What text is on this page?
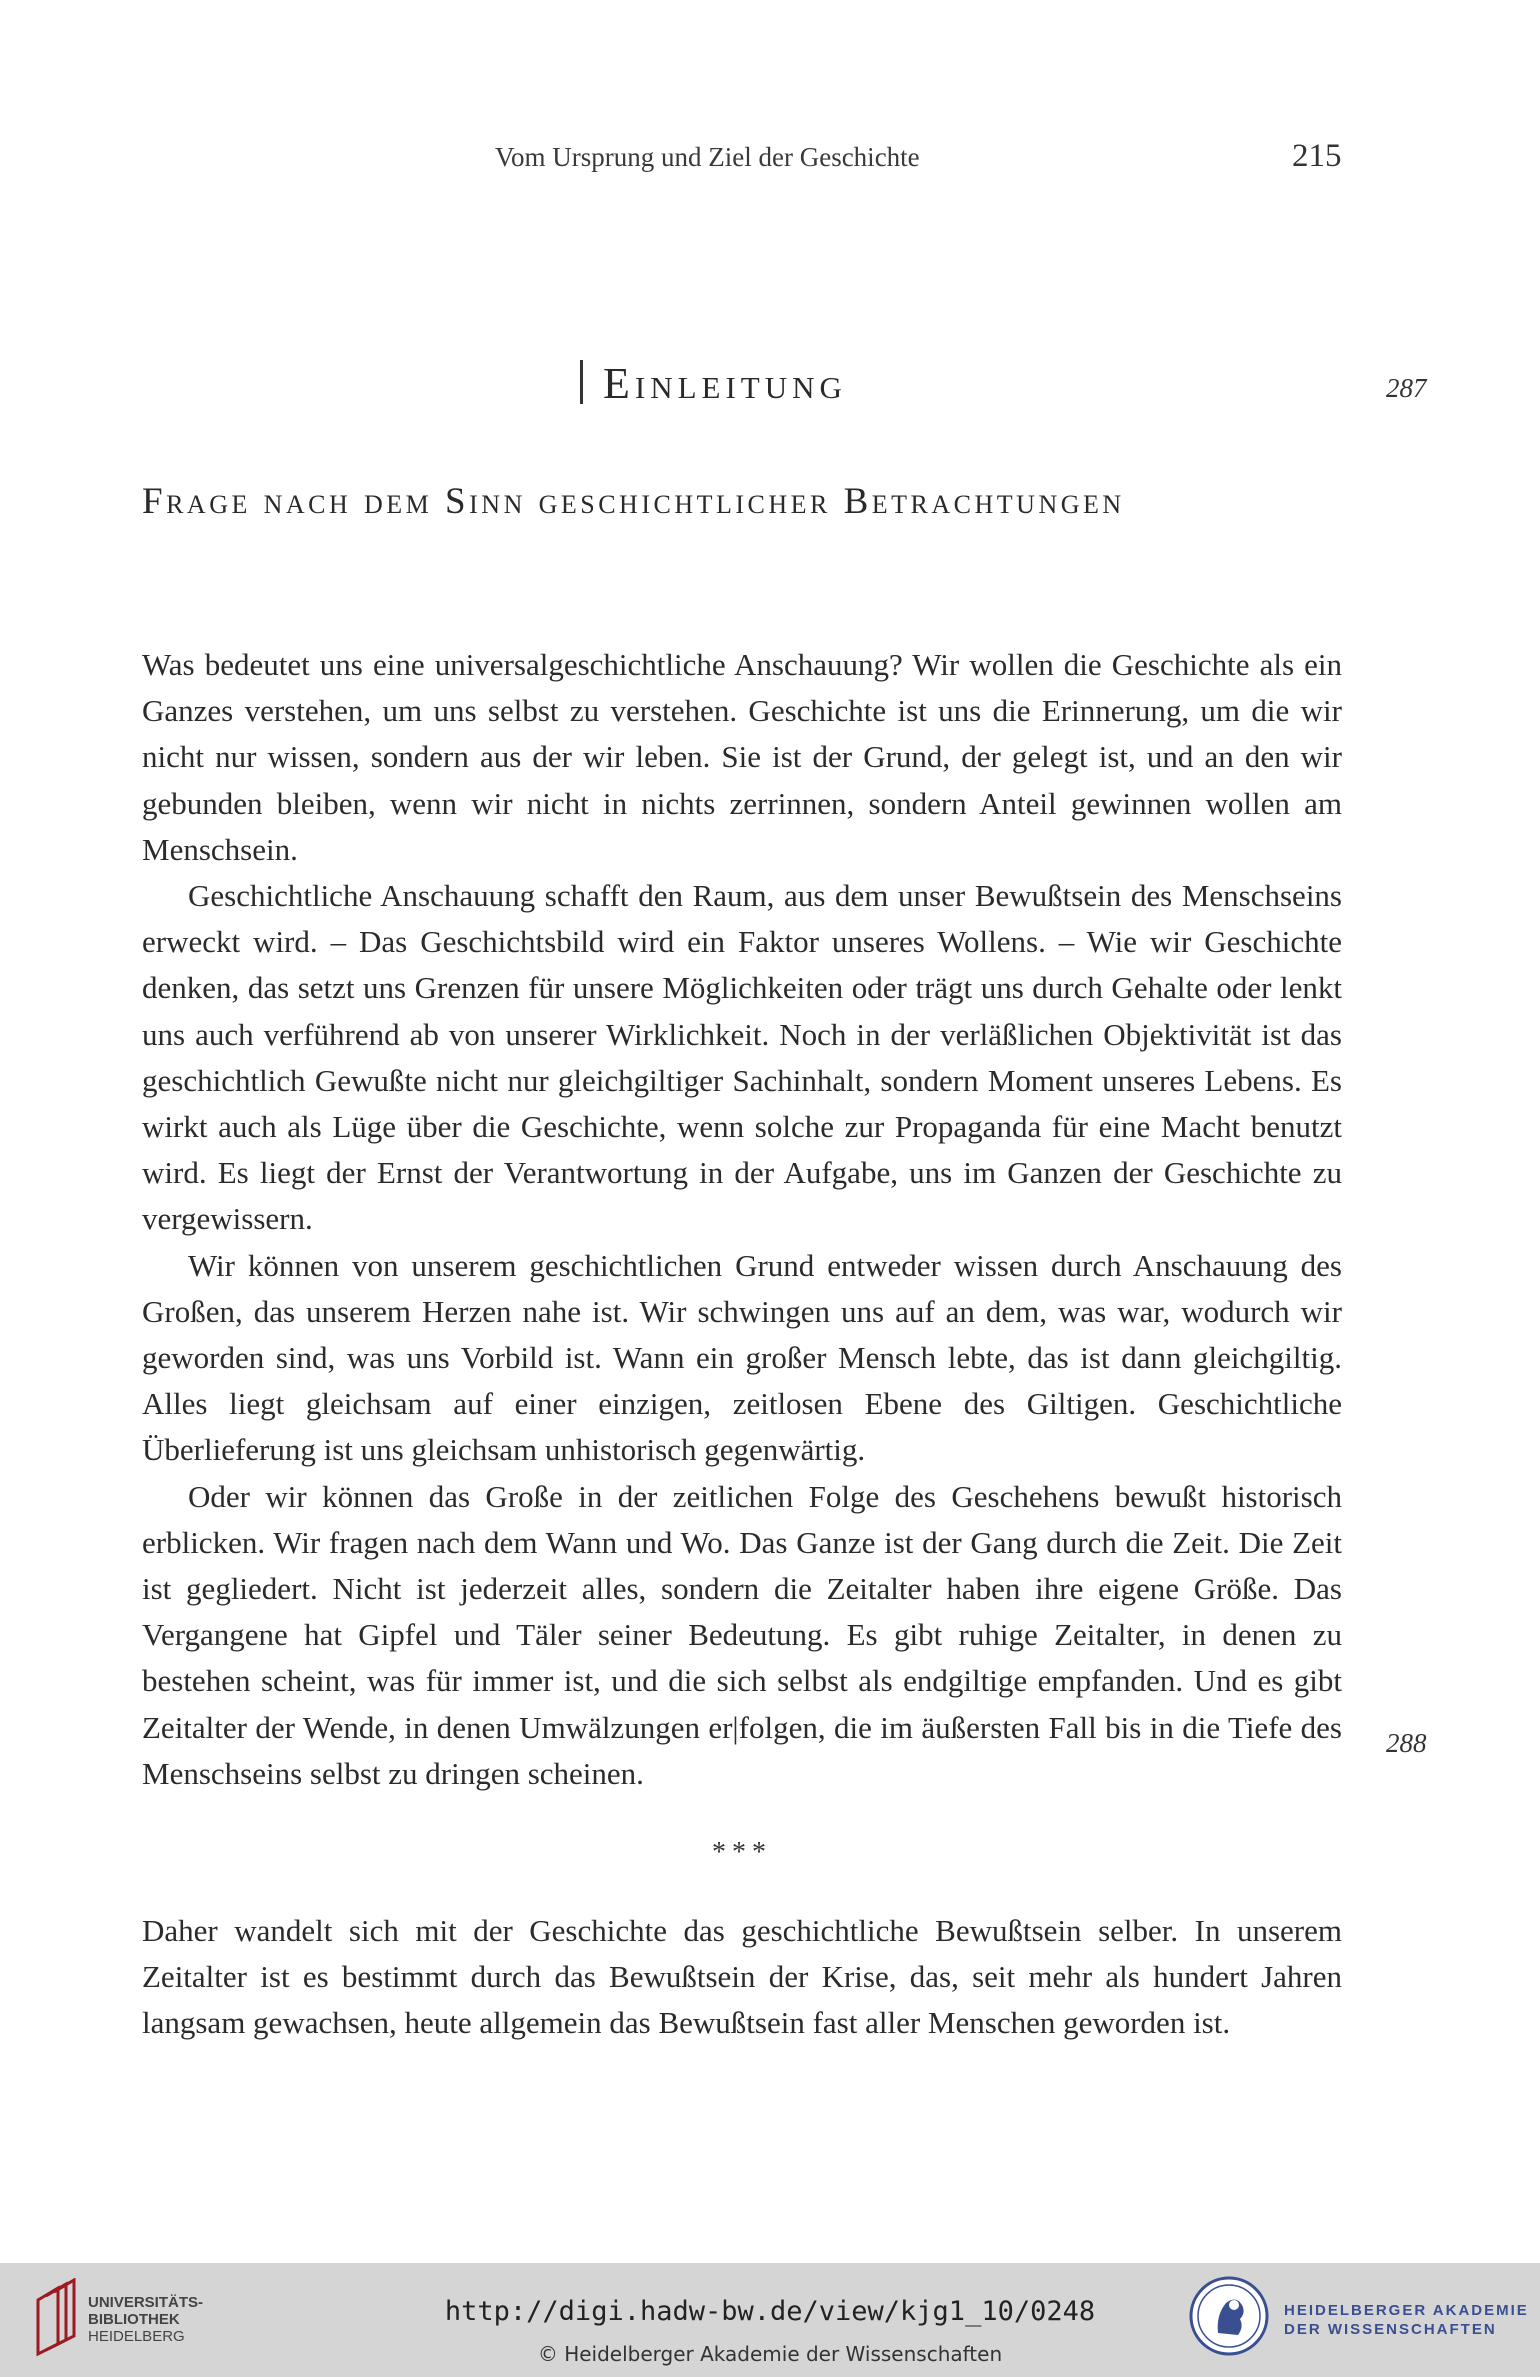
Vom Ursprung und Ziel der Geschichte	215
Einleitung	287
Frage nach dem Sinn geschichtlicher Betrachtungen

Was bedeutet uns eine universalgeschichtliche Anschauung? Wir wollen die Geschichte als ein Ganzes verstehen, um uns selbst zu verstehen. Geschichte ist uns die Erinnerung, um die wir nicht nur wissen, sondern aus der wir leben. Sie ist der Grund, der gelegt ist, und an den wir gebunden bleiben, wenn wir nicht in nichts zerrinnen, sondern Anteil gewinnen wollen am Menschsein.

Geschichtliche Anschauung schafft den Raum, aus dem unser Bewußtsein des Menschseins erweckt wird. – Das Geschichtsbild wird ein Faktor unseres Wollens. – Wie wir Geschichte denken, das setzt uns Grenzen für unsere Möglichkeiten oder trägt uns durch Gehalte oder lenkt uns auch verführend ab von unserer Wirklichkeit. Noch in der verläßlichen Objektivität ist das geschichtlich Gewußte nicht nur gleichgiltiger Sachinhalt, sondern Moment unseres Lebens. Es wirkt auch als Lüge über die Geschichte, wenn solche zur Propaganda für eine Macht benutzt wird. Es liegt der Ernst der Verantwortung in der Aufgabe, uns im Ganzen der Geschichte zu vergewissern.

Wir können von unserem geschichtlichen Grund entweder wissen durch Anschauung des Großen, das unserem Herzen nahe ist. Wir schwingen uns auf an dem, was war, wodurch wir geworden sind, was uns Vorbild ist. Wann ein großer Mensch lebte, das ist dann gleichgiltig. Alles liegt gleichsam auf einer einzigen, zeitlosen Ebene des Giltigen. Geschichtliche Überlieferung ist uns gleichsam unhistorisch gegenwärtig.

Oder wir können das Große in der zeitlichen Folge des Geschehens bewußt historisch erblicken. Wir fragen nach dem Wann und Wo. Das Ganze ist der Gang durch die Zeit. Die Zeit ist gegliedert. Nicht ist jederzeit alles, sondern die Zeitalter haben ihre eigene Größe. Das Vergangene hat Gipfel und Täler seiner Bedeutung. Es gibt ruhige Zeitalter, in denen zu bestehen scheint, was für immer ist, und die sich selbst als endgiltige empfanden. Und es gibt Zeitalter der Wende, in denen Umwälzungen er|folgen, die im äußersten Fall bis in die Tiefe des Menschseins selbst zu dringen scheinen.

288
***

Daher wandelt sich mit der Geschichte das geschichtliche Bewußtsein selber. In unserem Zeitalter ist es bestimmt durch das Bewußtsein der Krise, das, seit mehr als hundert Jahren langsam gewachsen, heute allgemein das Bewußtsein fast aller Menschen geworden ist.

UNIVERSITÄTS-
BIBLIOTHEK
HEIDELBERG
http://digi.hadw-bw.de/view/kjg1_10/0248
© Heidelberger Akademie der Wissenschaften
HEIDELBERGER AKADEMIE
DER WISSENSCHAFTEN
